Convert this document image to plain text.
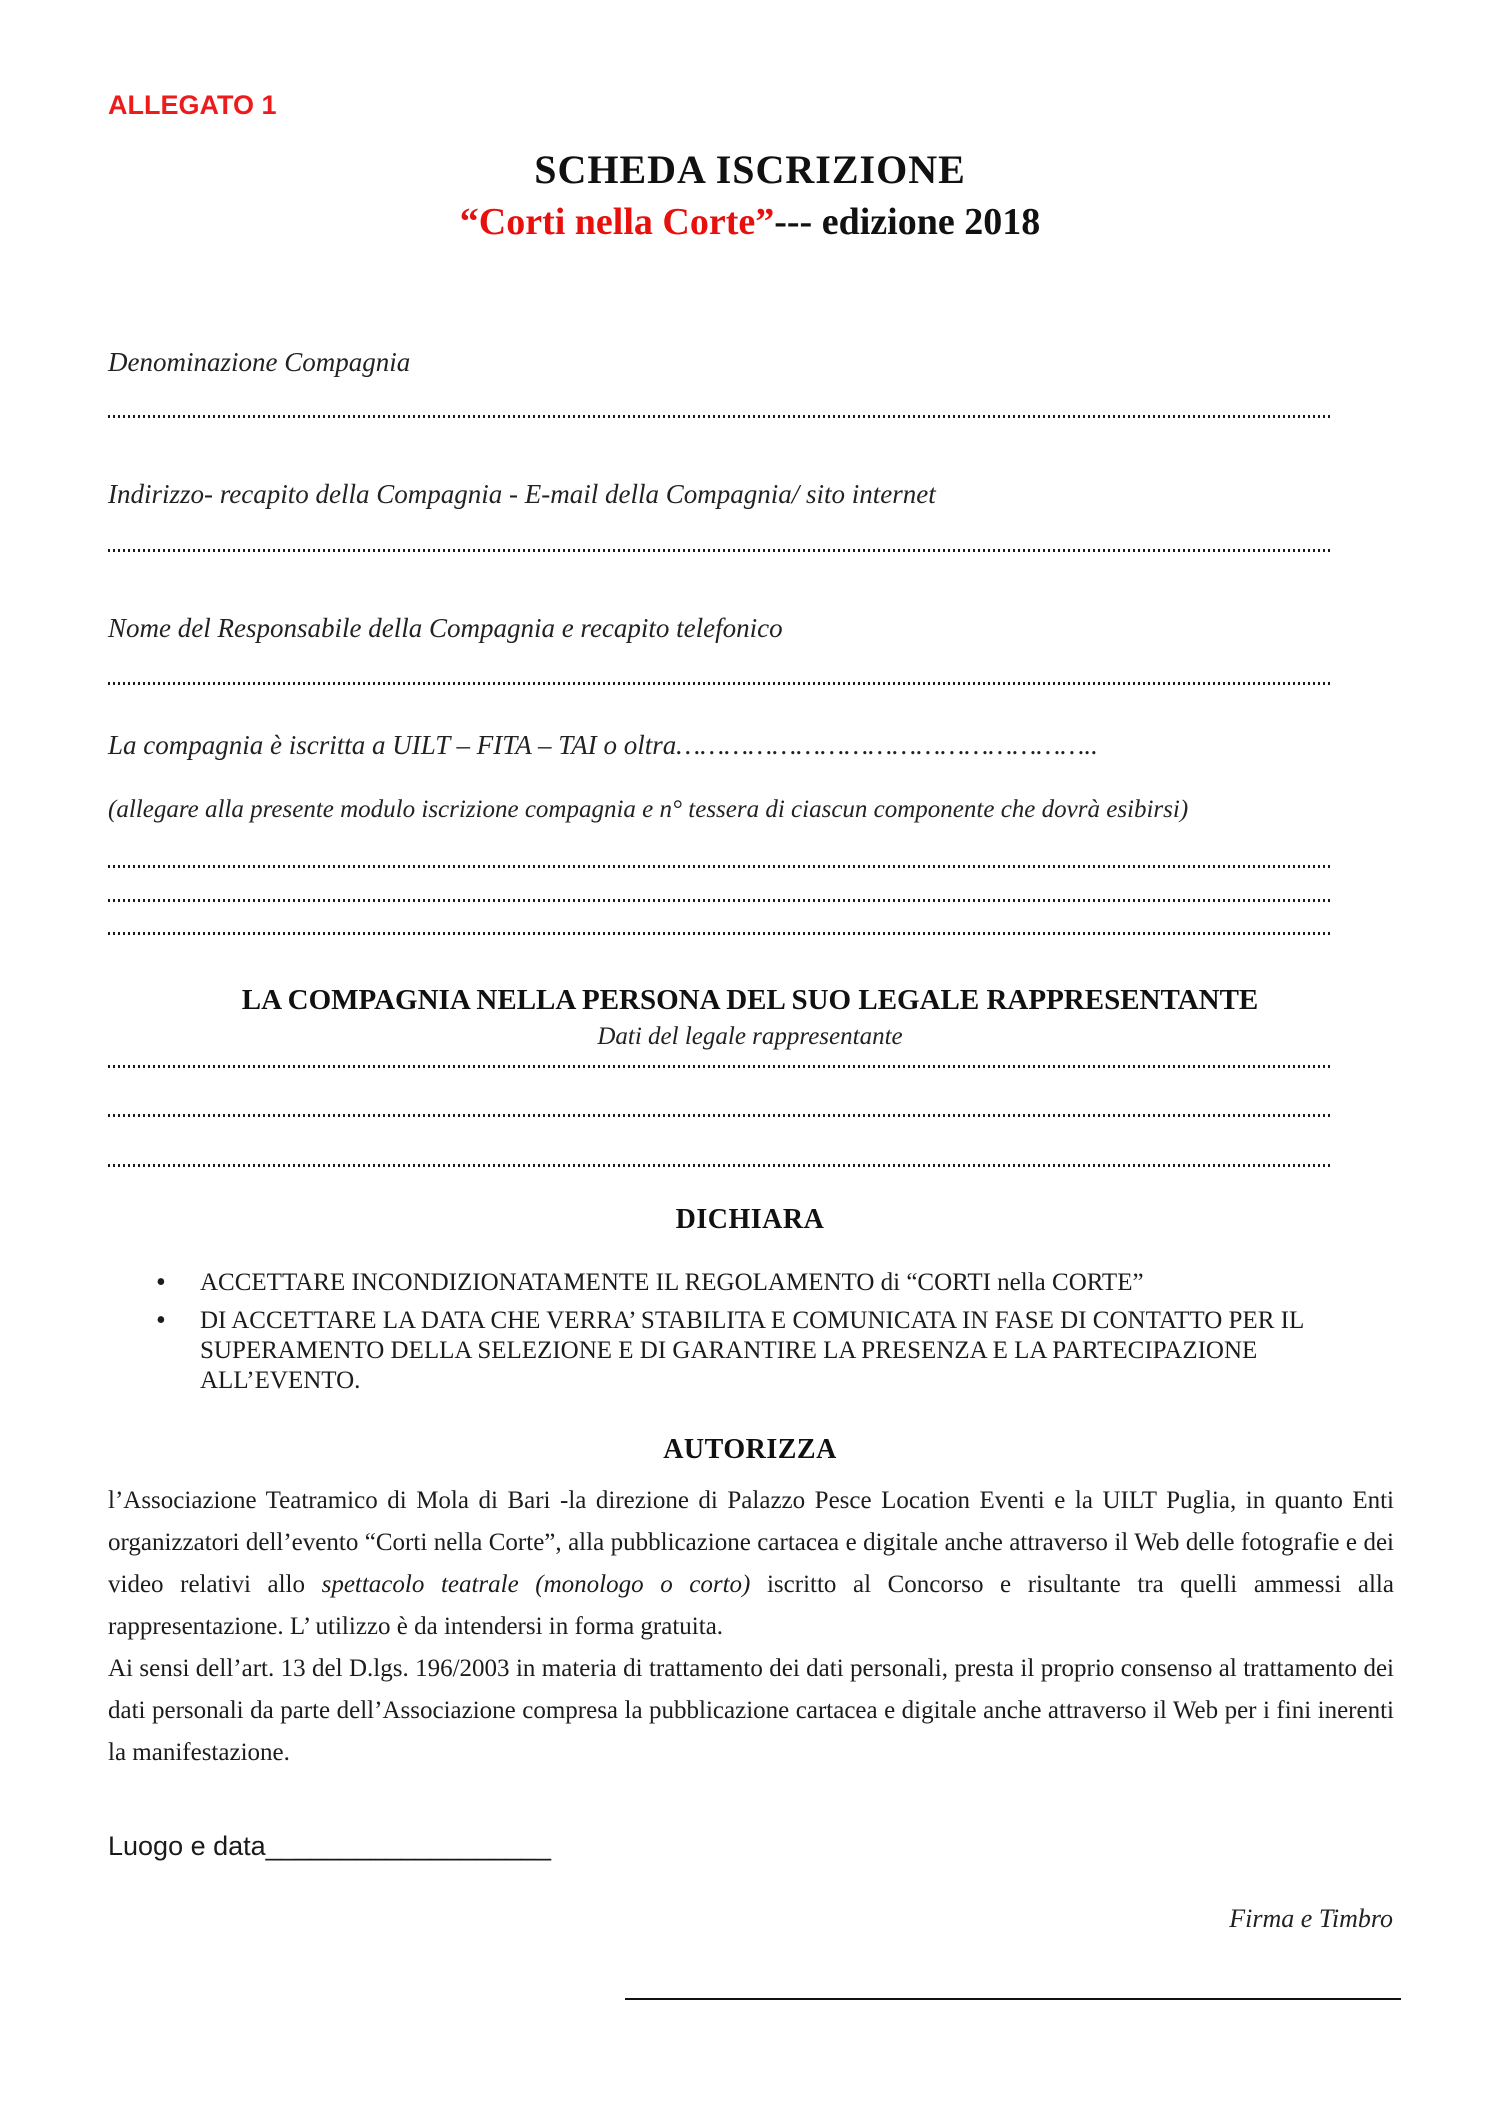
ALLEGATO 1
SCHEDA ISCRIZIONE
“Corti nella Corte”--- edizione 2018
Denominazione Compagnia
Indirizzo- recapito della Compagnia - E-mail della Compagnia/ sito internet
Nome del Responsabile della Compagnia e recapito telefonico
La compagnia è iscritta a UILT – FITA – TAI o oltra……………………………………………..
(allegare alla presente modulo iscrizione compagnia e n° tessera di ciascun componente che dovrà esibirsi)
LA COMPAGNIA NELLA PERSONA DEL SUO LEGALE RAPPRESENTANTE
Dati del legale rappresentante
DICHIARA
• ACCETTARE INCONDIZIONATAMENTE IL REGOLAMENTO di “CORTI nella CORTE”
• DI ACCETTARE LA DATA CHE VERRA’ STABILITA E COMUNICATA IN FASE DI CONTATTO PER IL SUPERAMENTO DELLA SELEZIONE E DI GARANTIRE LA PRESENZA E LA PARTECIPAZIONE ALL’EVENTO.
AUTORIZZA

l’Associazione Teatramico di Mola di Bari -la direzione di Palazzo Pesce Location Eventi e la UILT Puglia, in quanto Enti organizzatori dell’evento “Corti nella Corte”, alla pubblicazione cartacea e digitale anche attraverso il Web delle fotografie e dei video relativi allo spettacolo teatrale (monologo o corto) iscritto al Concorso e risultante tra quelli ammessi alla rappresentazione. L’ utilizzo è da intendersi in forma gratuita.

Ai sensi dell’art. 13 del D.lgs. 196/2003 in materia di trattamento dei dati personali, presta il proprio consenso al trattamento dei dati personali da parte dell’Associazione compresa la pubblicazione cartacea e digitale anche attraverso il Web per i fini inerenti la manifestazione.

Luogo e data___________________
Firma e Timbro
